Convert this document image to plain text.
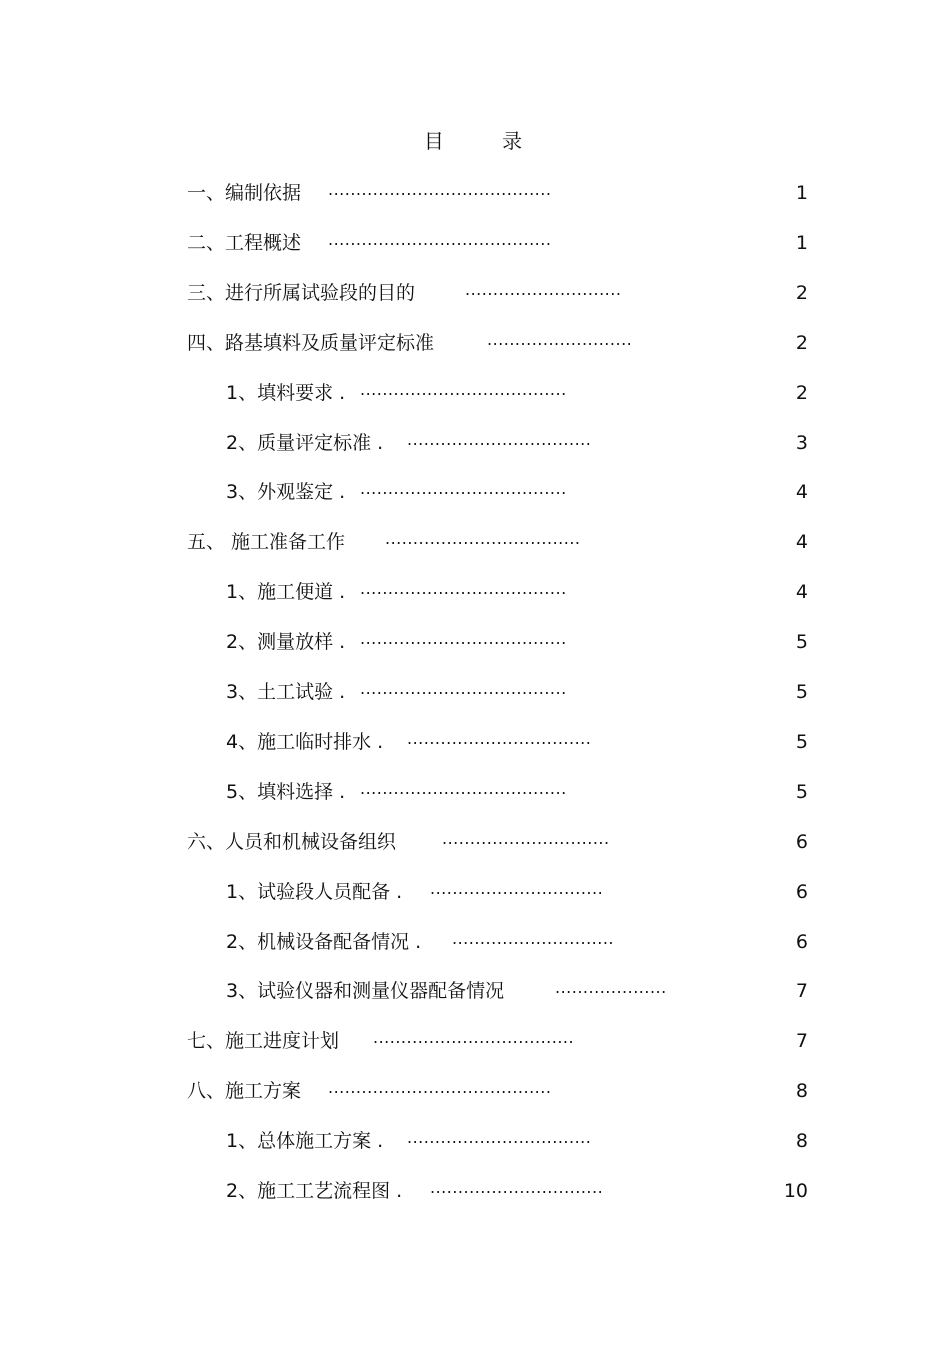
目 录
一、编制依据 ........................................	1
二、工程概述 ........................................	1
三、进行所属试验段的目的	............................	2
四、路基填料及质量评定标准	..........................	2
1、填料要求 . .....................................	2
2、质量评定标准 . .................................	3
3、外观鉴定 . .....................................	4
五、 施工准备工作 ...................................	4
1、施工便道 . .....................................	4
2、测量放样 . .....................................	5
3、土工试验 . .....................................	5
4、施工临时排水 . .................................	5
5、填料选择 . .....................................	5
六、人员和机械设备组织	..............................	6
1、试验段人员配备 . ...............................	6
2、机械设备配备情况 . .............................	6
3、试验仪器和测量仪器配备情况	....................	7
七、施工进度计划 ....................................	7
八、施工方案 ........................................	8
1、总体施工方案 . .................................	8
2、施工工艺流程图 . ...............................	10
